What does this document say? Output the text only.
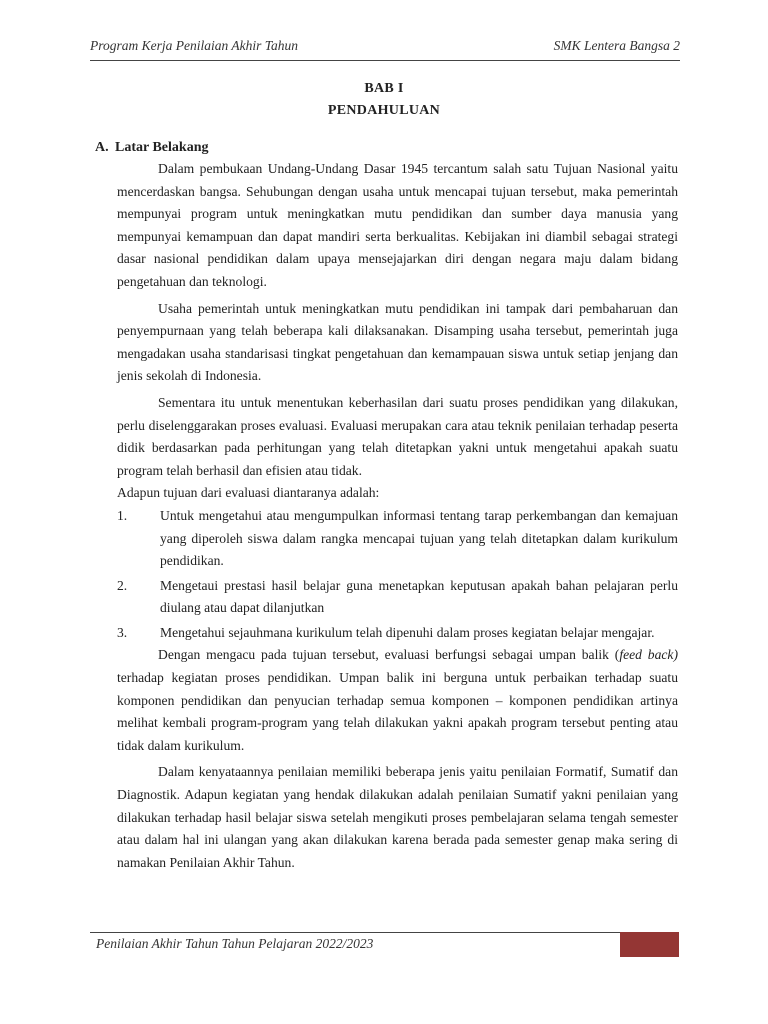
Program Kerja Penilaian Akhir Tahun	SMK Lentera Bangsa 2
BAB I
PENDAHULUAN
A. Latar Belakang

Dalam pembukaan Undang-Undang Dasar 1945 tercantum salah satu Tujuan Nasional yaitu mencerdaskan bangsa. Sehubungan dengan usaha untuk mencapai tujuan tersebut, maka pemerintah mempunyai program untuk meningkatkan mutu pendidikan dan sumber daya manusia yang mempunyai kemampuan dan dapat mandiri serta berkualitas. Kebijakan ini diambil sebagai strategi dasar nasional pendidikan dalam upaya mensejajarkan diri dengan negara maju dalam bidang pengetahuan dan teknologi.

Usaha pemerintah untuk meningkatkan mutu pendidikan ini tampak dari pembaharuan dan penyempurnaan yang telah beberapa kali dilaksanakan. Disamping usaha tersebut, pemerintah juga mengadakan usaha standarisasi tingkat pengetahuan dan kemampauan siswa untuk setiap jenjang dan jenis sekolah di Indonesia.

Sementara itu untuk menentukan keberhasilan dari suatu proses pendidikan yang dilakukan, perlu diselenggarakan proses evaluasi. Evaluasi merupakan cara atau teknik penilaian terhadap peserta didik berdasarkan pada perhitungan yang telah ditetapkan yakni untuk mengetahui apakah suatu program telah berhasil dan efisien atau tidak.

Adapun tujuan dari evaluasi diantaranya adalah:

1. Untuk mengetahui atau mengumpulkan informasi tentang tarap perkembangan dan kemajuan yang diperoleh siswa dalam rangka mencapai tujuan yang telah ditetapkan dalam kurikulum pendidikan.
2. Mengetaui prestasi hasil belajar guna menetapkan keputusan apakah bahan pelajaran perlu diulang atau dapat dilanjutkan
3. Mengetahui sejauhmana kurikulum telah dipenuhi dalam proses kegiatan belajar mengajar.

Dengan mengacu pada tujuan tersebut, evaluasi berfungsi sebagai umpan balik (feed back) terhadap kegiatan proses pendidikan. Umpan balik ini berguna untuk perbaikan terhadap suatu komponen pendidikan dan penyucian terhadap semua komponen – komponen pendidikan artinya melihat kembali program-program yang telah dilakukan yakni apakah program tersebut penting atau tidak dalam kurikulum.

Dalam kenyataannya penilaian memiliki beberapa jenis yaitu penilaian Formatif, Sumatif dan Diagnostik. Adapun kegiatan yang hendak dilakukan adalah penilaian Sumatif yakni penilaian yang dilakukan terhadap hasil belajar siswa setelah mengikuti proses pembelajaran selama tengah semester atau dalam hal ini ulangan yang akan dilakukan karena berada pada semester genap maka sering di namakan Penilaian Akhir Tahun.

Penilaian Akhir Tahun Tahun Pelajaran 2022/2023
